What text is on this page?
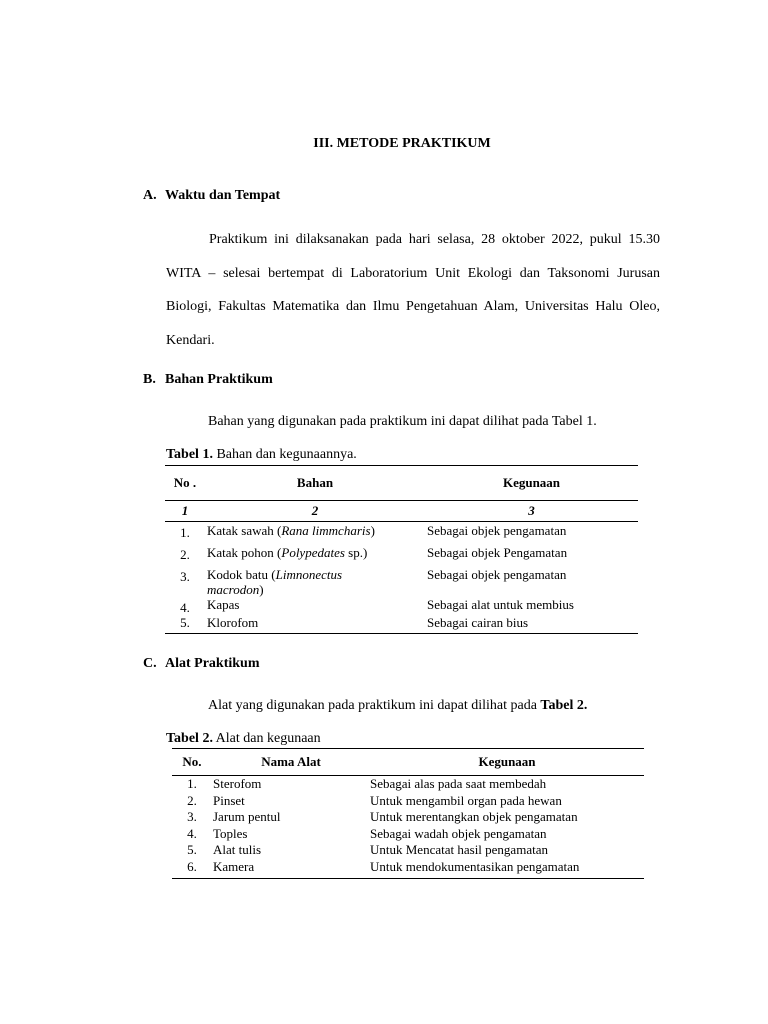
III. METODE PRAKTIKUM
A. Waktu dan Tempat
Praktikum ini dilaksanakan pada hari selasa, 28 oktober 2022, pukul 15.30 WITA – selesai bertempat di Laboratorium Unit Ekologi dan Taksonomi Jurusan Biologi, Fakultas Matematika dan Ilmu Pengetahuan Alam, Universitas Halu Oleo, Kendari.
B. Bahan Praktikum
Bahan yang digunakan pada praktikum ini dapat dilihat pada Tabel 1.
Tabel 1. Bahan dan kegunaannya.
No .	Bahan	Kegunaan
1	2	3
1.	Katak sawah (Rana limmcharis)	Sebagai objek pengamatan
2.	Katak pohon (Polypedates sp.)	Sebagai objek Pengamatan
3.	Kodok batu (Limnonectus macrodon)	Sebagai objek pengamatan
4.	Kapas	Sebagai alat untuk membius
5.	Klorofom	Sebagai cairan bius
C. Alat Praktikum
Alat yang digunakan pada praktikum ini dapat dilihat pada Tabel 2.
Tabel 2. Alat dan kegunaan
No.	Nama Alat	Kegunaan
1.	Sterofom	Sebagai alas pada saat membedah
2.	Pinset	Untuk mengambil organ pada hewan
3.	Jarum pentul	Untuk merentangkan objek pengamatan
4.	Toples	Sebagai wadah objek pengamatan
5.	Alat tulis	Untuk Mencatat hasil pengamatan
6.	Kamera	Untuk mendokumentasikan pengamatan
